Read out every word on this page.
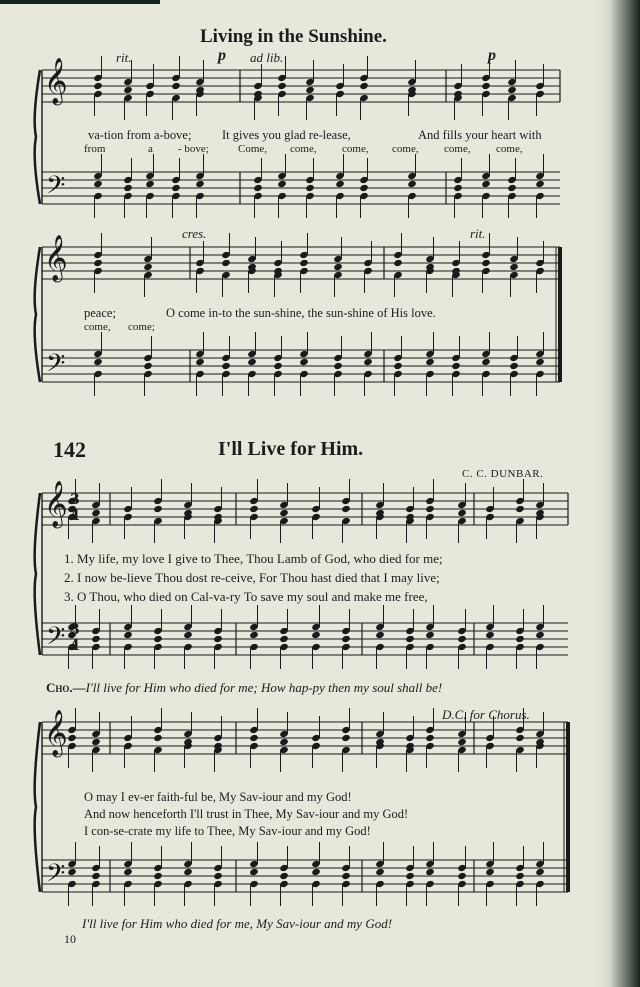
Living in the Sunshine.
rit.	p ad lib.	p
va-tion from a-bove; It gives you glad re-lease,	And fills your heart with
from	a - bove;	Come, come, come, come, come, come,
cres.	rit.
peace;	O come in-to the sun-shine, the sun-shine of His love.
come, come;
142	I'll Live for Him.
C. C. DUNBAR.
1. My life, my love I give to Thee, Thou Lamb of God, who died for me;
2. I now be-lieve Thou dost re-ceive, For Thou hast died that I may live;
3. O Thou, who died on Cal-va-ry To save my soul and make me free,
Cho.—I'll live for Him who died for me; How hap-py then my soul shall be!
D.C. for Chorus.
O may I ev-er faith-ful be, My Sav-iour and my God!
And now henceforth I'll trust in Thee, My Sav-iour and my God!
I con-se-crate my life to Thee, My Sav-iour and my God!
I'll live for Him who died for me, My Sav-iour and my God!
10
𝄞
𝄢
𝄞
𝄢
𝄞
𝄢
𝄞
𝄢
3
4
3
4
